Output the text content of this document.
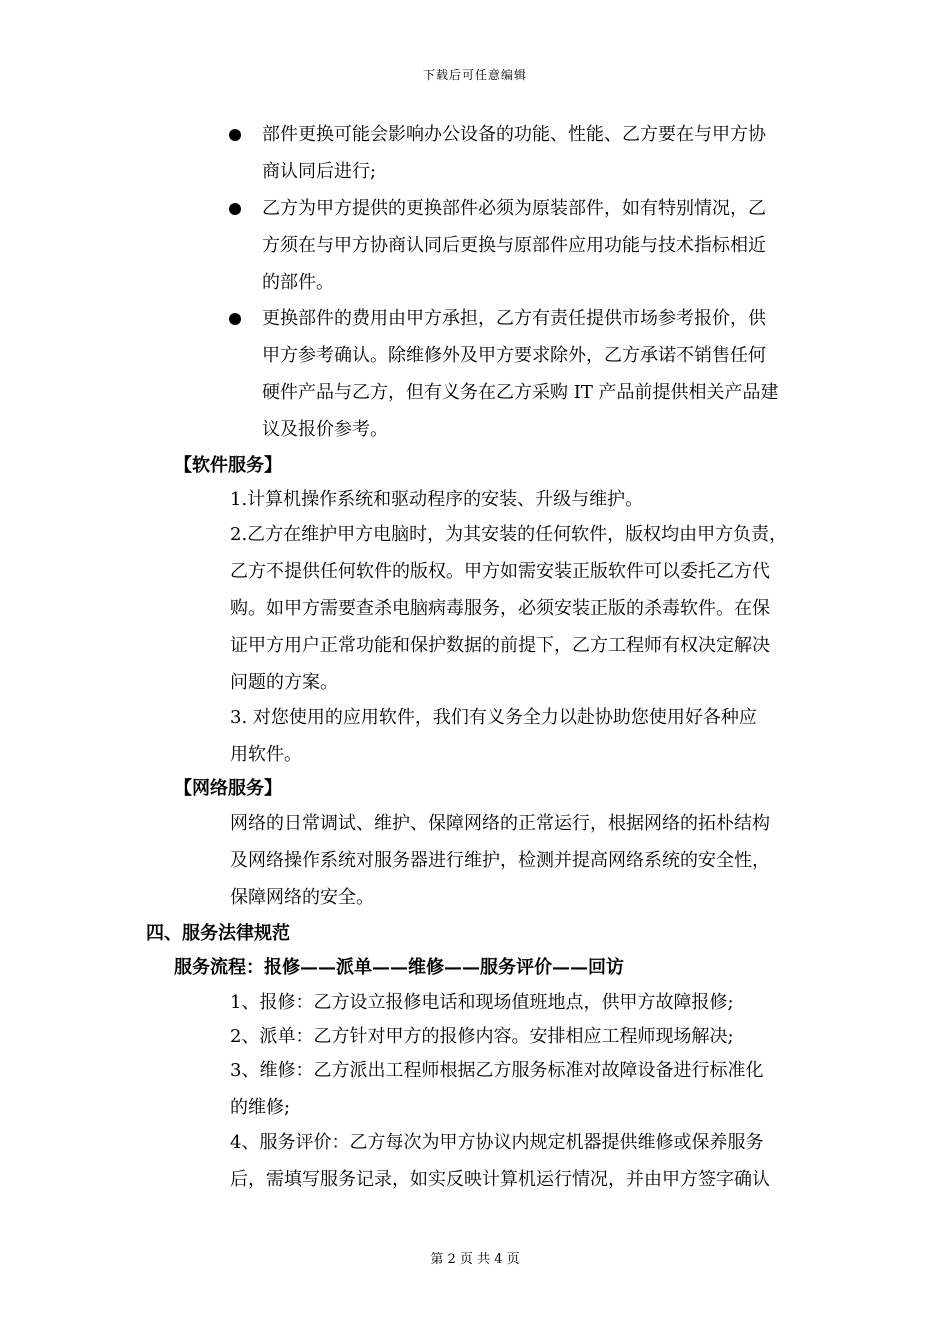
下载后可任意编辑
部件更换可能会影响办公设备的功能、性能、乙方要在与甲方协
商认同后进行;
乙方为甲方提供的更换部件必须为原装部件，如有特别情况，乙
方须在与甲方协商认同后更换与原部件应用功能与技术指标相近
的部件。
更换部件的费用由甲方承担，乙方有责任提供市场参考报价，供
甲方参考确认。除维修外及甲方要求除外，乙方承诺不销售任何
硬件产品与乙方，但有义务在乙方采购 IT 产品前提供相关产品建
议及报价参考。
【软件服务】
1.计算机操作系统和驱动程序的安装、升级与维护。
2.乙方在维护甲方电脑时，为其安装的任何软件，版权均由甲方负责，
乙方不提供任何软件的版权。甲方如需安装正版软件可以委托乙方代
购。如甲方需要查杀电脑病毒服务，必须安装正版的杀毒软件。在保
证甲方用户正常功能和保护数据的前提下，乙方工程师有权决定解决
问题的方案。
3. 对您使用的应用软件，我们有义务全力以赴协助您使用好各种应
用软件。
【网络服务】
网络的日常调试、维护、保障网络的正常运行，根据网络的拓朴结构
及网络操作系统对服务器进行维护，检测并提高网络系统的安全性，
保障网络的安全。
四、服务法律规范
服务流程：报修——派单——维修——服务评价——回访
1、报修：乙方设立报修电话和现场值班地点，供甲方故障报修;
2、派单：乙方针对甲方的报修内容。安排相应工程师现场解决;
3、维修：乙方派出工程师根据乙方服务标准对故障设备进行标准化
的维修;
4、服务评价：乙方每次为甲方协议内规定机器提供维修或保养服务
后，需填写服务记录，如实反映计算机运行情况，并由甲方签字确认
第 2 页 共 4 页
